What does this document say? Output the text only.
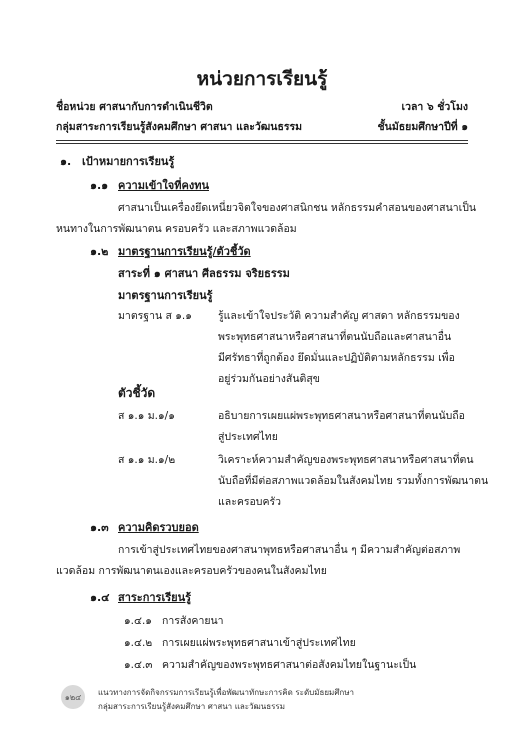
หน่วยการเรียนรู้
ชื่อหน่วย ศาสนากับการดำเนินชีวิต	เวลา ๖ ชั่วโมง
กลุ่มสาระการเรียนรู้สังคมศึกษา ศาสนา และวัฒนธรรม	ชั้นมัธยมศึกษาปีที่ ๑
๑. เป้าหมายการเรียนรู้
๑.๑ ความเข้าใจที่คงทน
ศาสนาเป็นเครื่องยึดเหนี่ยวจิตใจของศาสนิกชน หลักธรรมคำสอนของศาสนาเป็น
หนทางในการพัฒนาตน ครอบครัว และสภาพแวดล้อม
๑.๒ มาตรฐานการเรียนรู้/ตัวชี้วัด
สาระที่ ๑ ศาสนา ศีลธรรม จริยธรรม
มาตรฐานการเรียนรู้
มาตรฐาน ส ๑.๑ รู้และเข้าใจประวัติ ความสำคัญ ศาสดา หลักธรรมของ
พระพุทธศาสนาหรือศาสนาที่ตนนับถือและศาสนาอื่น
มีศรัทธาที่ถูกต้อง ยึดมั่นและปฏิบัติตามหลักธรรม เพื่อ
อยู่ร่วมกันอย่างสันติสุข
ตัวชี้วัด
ส ๑.๑ ม.๑/๑	อธิบายการเผยแผ่พระพุทธศาสนาหรือศาสนาที่ตนนับถือ
สู่ประเทศไทย
ส ๑.๑ ม.๑/๒	วิเคราะห์ความสำคัญของพระพุทธศาสนาหรือศาสนาที่ตน
นับถือที่มีต่อสภาพแวดล้อมในสังคมไทย รวมทั้งการพัฒนาตน
และครอบครัว
๑.๓ ความคิดรวบยอด
การเข้าสู่ประเทศไทยของศาสนาพุทธหรือศาสนาอื่น ๆ มีความสำคัญต่อสภาพ
แวดล้อม การพัฒนาตนเองและครอบครัวของคนในสังคมไทย
๑.๔ สาระการเรียนรู้
๑.๔.๑ การสังคายนา
๑.๔.๒ การเผยแผ่พระพุทธศาสนาเข้าสู่ประเทศไทย
๑.๔.๓ ความสำคัญของพระพุทธศาสนาต่อสังคมไทยในฐานะเป็น
๑๒๔ แนวทางการจัดกิจกรรมการเรียนรู้เพื่อพัฒนาทักษะการคิด ระดับมัธยมศึกษา
กลุ่มสาระการเรียนรู้สังคมศึกษา ศาสนา และวัฒนธรรม
